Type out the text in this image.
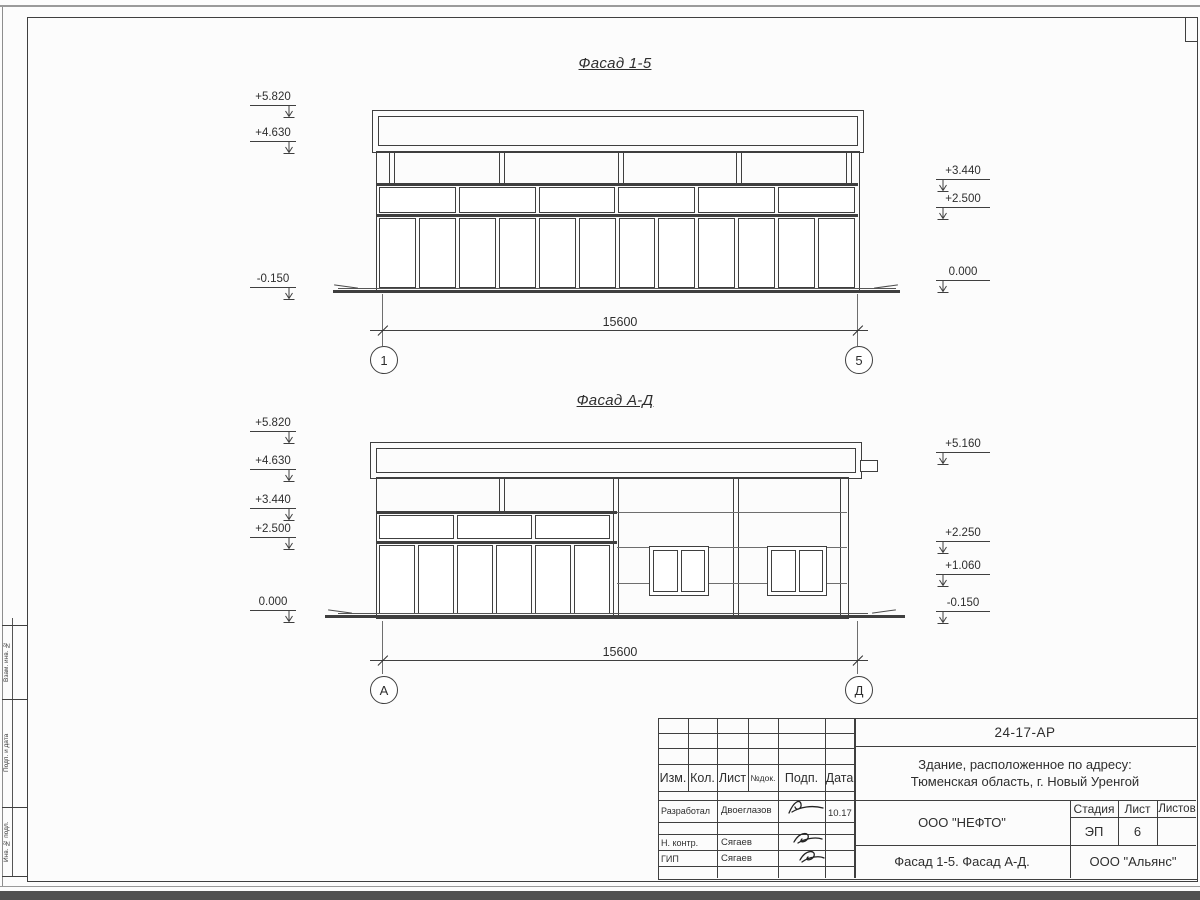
Взам. инв. №
Подп. и дата
Инв. № подл.
Фасад 1-5
15600
1	5
Фасад А-Д
15600
А	Д
Изм. Кол. Лист №док. Подп. Дата
Разработал Двоеглазов	10.17
Н. контр. Сягаев
ГИП	Сягаев
24-17-АР
Здание, расположенное по адресу:
Тюменская область, г. Новый Уренгой
ООО "НЕФТО"
Стадия Лист Листов
ЭП	6
Фасад 1-5. Фасад А-Д.	ООО "Альянс"
+5.820
+4.630
-0.150
+3.440
+2.500
0.000
+5.820
+4.630
+3.440
+2.500
0.000
+5.160
+2.250
+1.060
-0.150
